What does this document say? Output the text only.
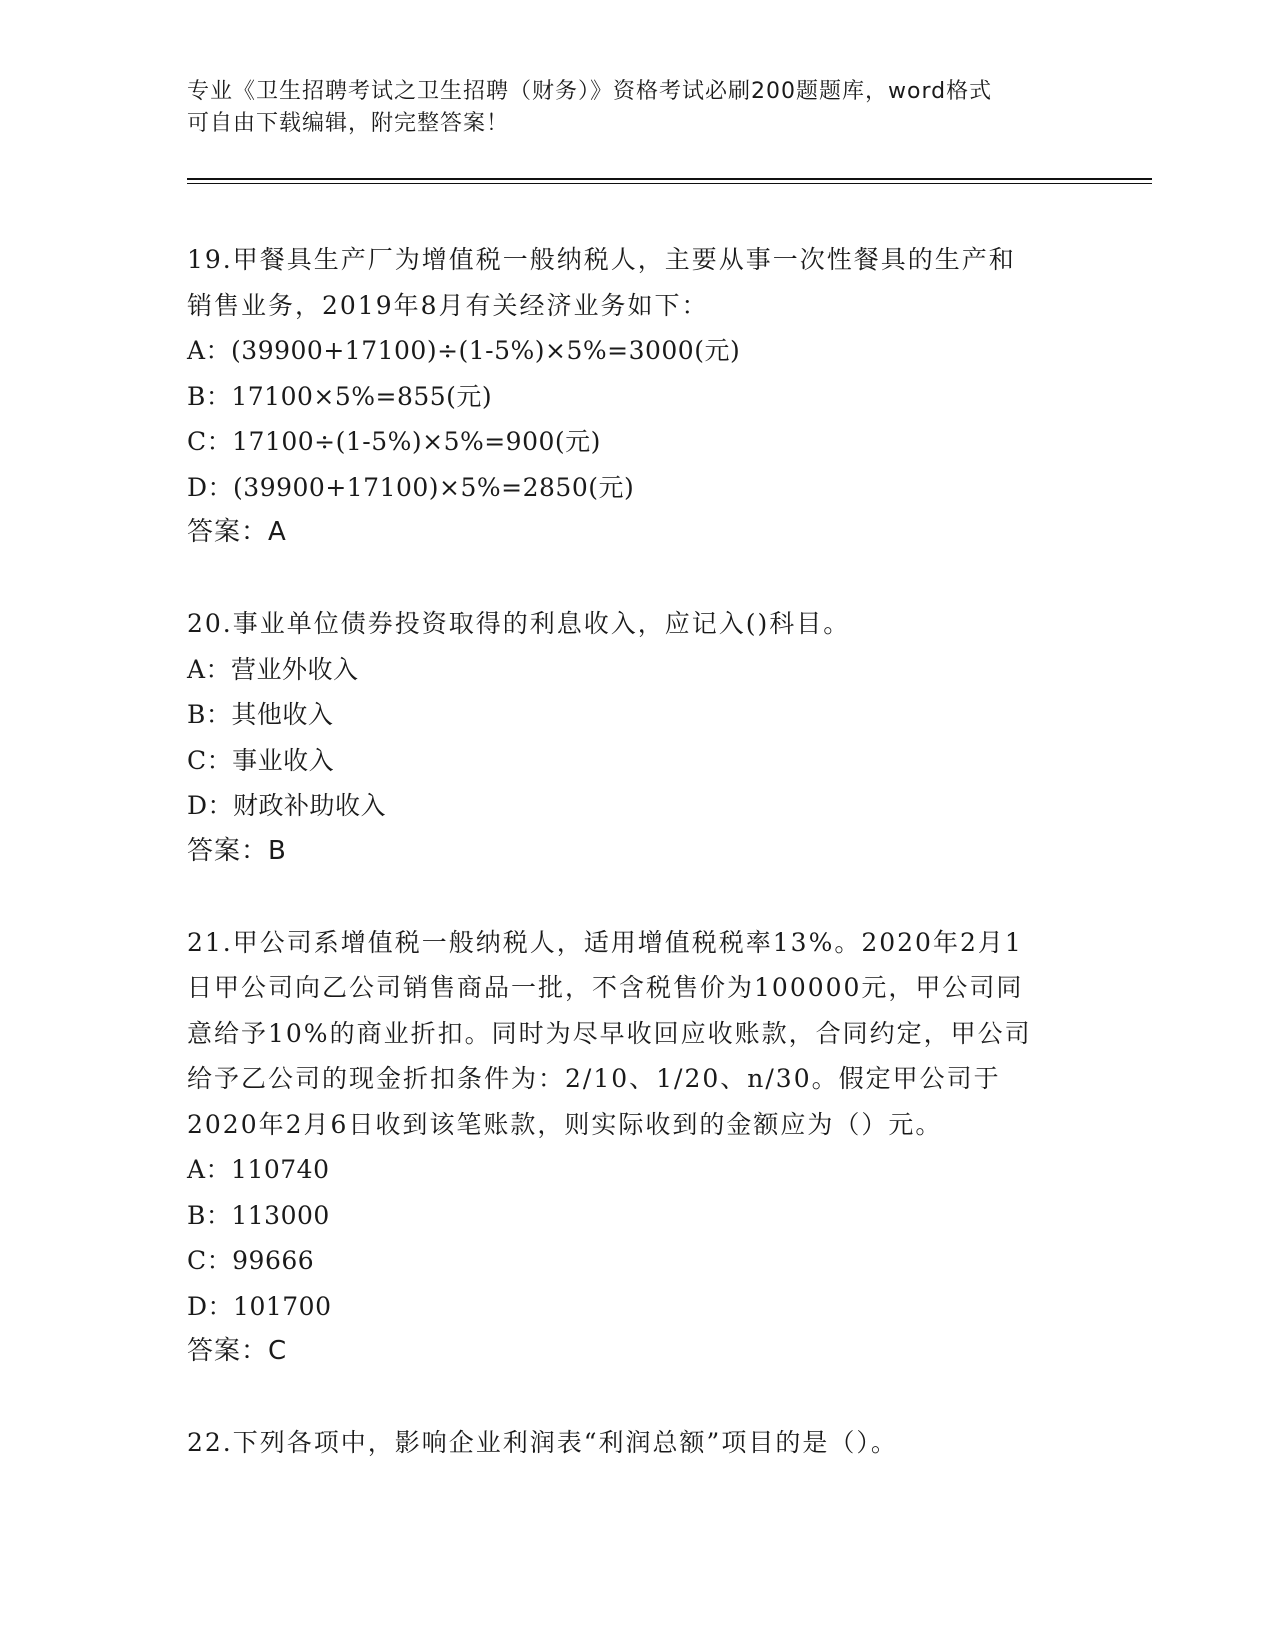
专业《卫生招聘考试之卫生招聘（财务）》资格考试必刷200题题库，word格式
可自由下载编辑，附完整答案！
19.甲餐具生产厂为增值税一般纳税人，主要从事一次性餐具的生产和
销售业务，2019年8月有关经济业务如下：
A：(39900+17100)÷(1-5%)×5%=3000(元)
B：17100×5%=855(元)
C：17100÷(1-5%)×5%=900(元)
D：(39900+17100)×5%=2850(元)
答案：A
20.事业单位债券投资取得的利息收入，应记入()科目。
A：营业外收入
B：其他收入
C：事业收入
D：财政补助收入
答案：B
21.甲公司系增值税一般纳税人，适用增值税税率13%。2020年2月1
日甲公司向乙公司销售商品一批，不含税售价为100000元，甲公司同
意给予10%的商业折扣。同时为尽早收回应收账款，合同约定，甲公司
给予乙公司的现金折扣条件为：2/10、1/20、n/30。假定甲公司于
2020年2月6日收到该笔账款，则实际收到的金额应为（）元。
A：110740
B：113000
C：99666
D：101700
答案：C
22.下列各项中，影响企业利润表“利润总额”项目的是（）。
